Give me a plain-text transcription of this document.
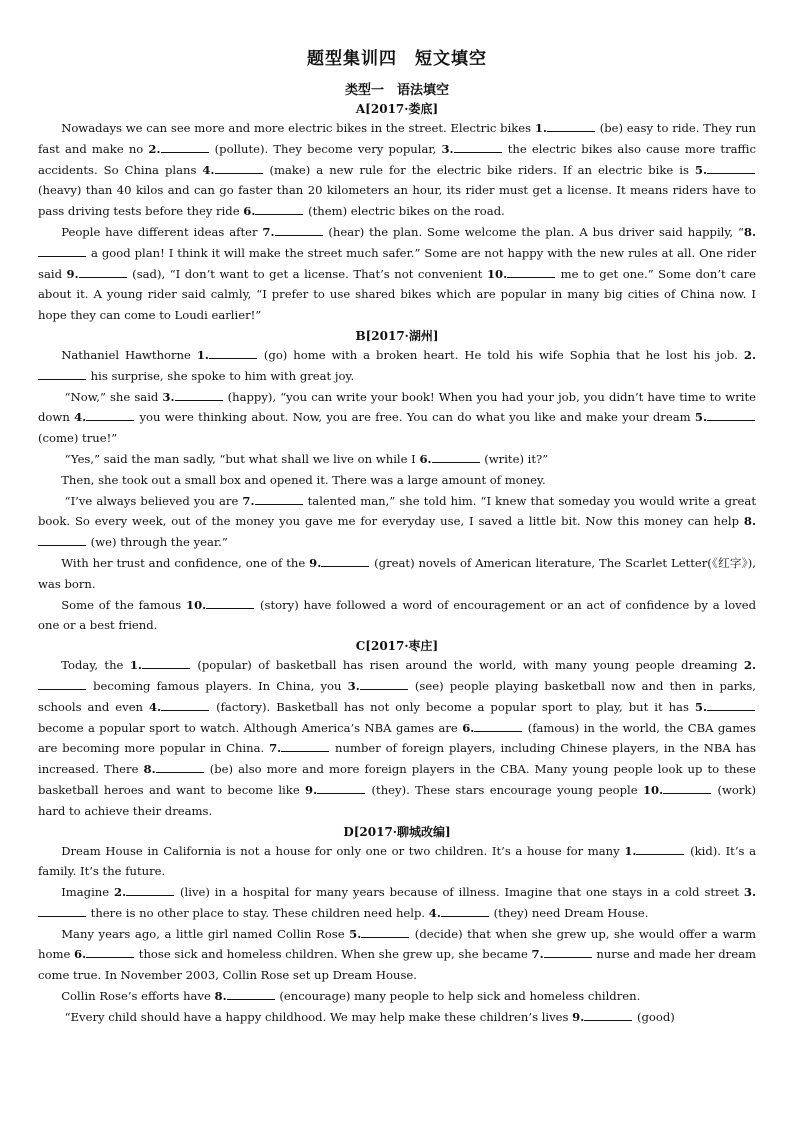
题型集训四　短文填空
类型一　语法填空
A[2017·娄底]

Nowadays we can see more and more electric bikes in the street. Electric bikes 1.	(be) easy to ride. They run fast and make no 2.	(pollute). They become very popular, 3.	the electric bikes also cause more traffic accidents. So China plans 4.	(make) a new rule for the electric bike riders. If an electric bike is 5. (heavy) than 40 kilos and can go faster than 20 kilometers an hour, its rider must get a license. It means riders have to pass driving tests before they ride 6.	(them) electric bikes on the road.

People have different ideas after 7.	(hear) the plan. Some welcome the plan. A bus driver said happily, “8. a good plan! I think it will make the street much safer.” Some are not happy with the new rules at all. One rider said 9.	(sad), “I don’t want to get a license. That’s not convenient 10.	me to get one.” Some don’t care about it. A young rider said calmly, “I prefer to use shared bikes which are popular in many big cities of China now. I hope they can come to Loudi earlier!”

B[2017·湖州]

Nathaniel Hawthorne 1.	(go) home with a broken heart. He told his wife Sophia that he lost his job. 2. his surprise, she spoke to him with great joy.

“Now,” she said 3.	(happy), “you can write your book! When you had your job, you didn’t have time to write down 4.	you were thinking about. Now, you are free. You can do what you like and make your dream 5. (come) true!”

“Yes,” said the man sadly, “but what shall we live on while I 6.	(write) it?”

Then, she took out a small box and opened it. There was a large amount of money.

“I’ve always believed you are 7.	talented man,” she told him. “I knew that someday you would write a great book. So every week, out of the money you gave me for everyday use, I saved a little bit. Now this money can help 8. (we) through the year.”

With her trust and confidence, one of the 9.	(great) novels of American literature, The Scarlet Letter(《红字》), was born.

Some of the famous 10.	(story) have followed a word of encouragement or an act of confidence by a loved one or a best friend.

C[2017·枣庄]

Today, the 1.	(popular) of basketball has risen around the world, with many young people dreaming 2. becoming famous players. In China, you 3.	(see) people playing basketball now and then in parks, schools and even 4.	(factory). Basketball has not only become a popular sport to play, but it has 5. become a popular sport to watch. Although America’s NBA games are 6.	(famous) in the world, the CBA games are becoming more popular in China. 7.	number of foreign players, including Chinese players, in the NBA has increased. There 8.	(be) also more and more foreign players in the CBA. Many young people look up to these basketball heroes and want to become like 9.	(they). These stars encourage young people 10.	(work) hard to achieve their dreams.

D[2017·聊城改编]

Dream House in California is not a house for only one or two children. It’s a house for many 1.	(kid). It’s a family. It’s the future.

Imagine 2.	(live) in a hospital for many years because of illness. Imagine that one stays in a cold street 3. there is no other place to stay. These children need help. 4.	(they) need Dream House.

Many years ago, a little girl named Collin Rose 5.	(decide) that when she grew up, she would offer a warm home 6.	those sick and homeless children. When she grew up, she became 7.	nurse and made her dream come true. In November 2003, Collin Rose set up Dream House.

Collin Rose’s efforts have 8.	(encourage) many people to help sick and homeless children.

“Every child should have a happy childhood. We may help make these children’s lives 9.	(good)
